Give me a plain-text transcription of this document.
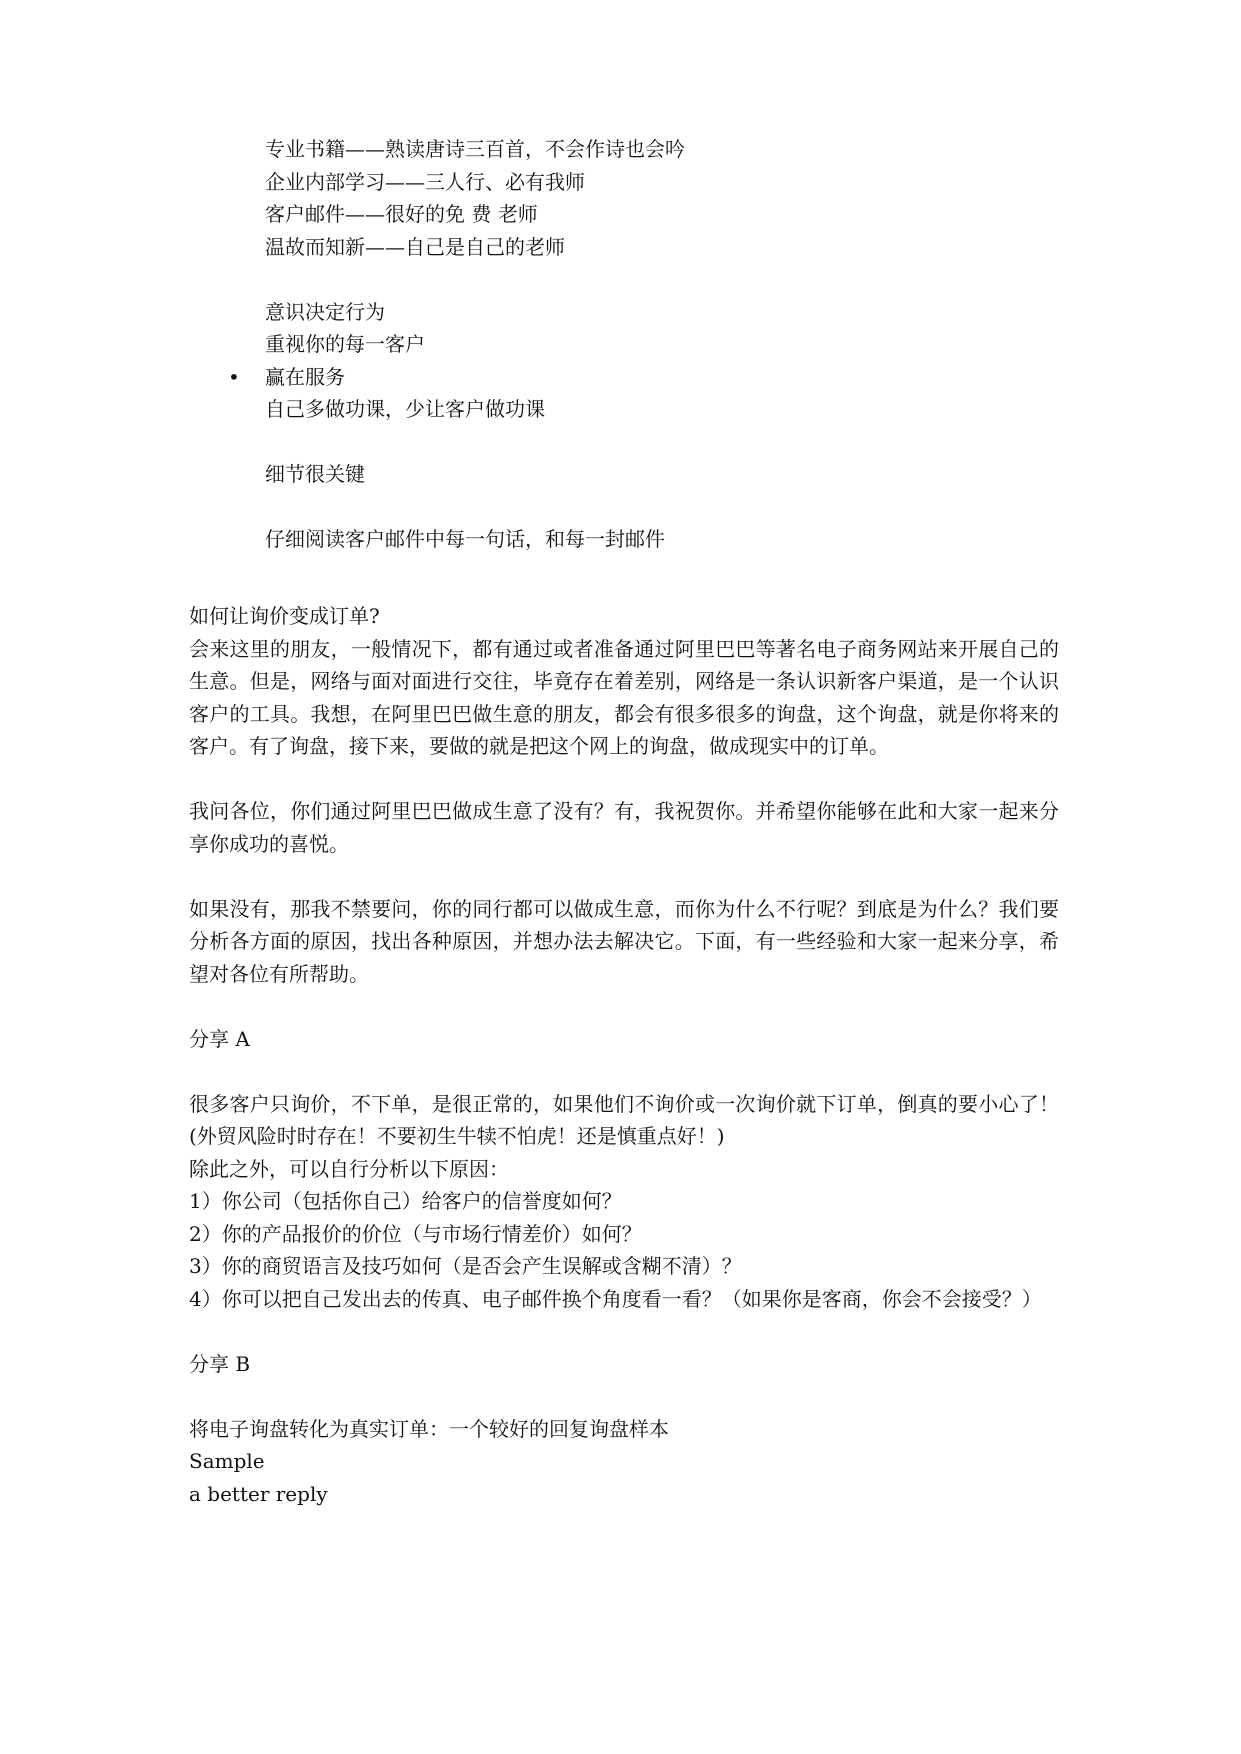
专业书籍——熟读唐诗三百首，不会作诗也会吟
企业内部学习——三人行、必有我师
客户邮件——很好的免 费 老师
温故而知新——自己是自己的老师
意识决定行为
重视你的每一客户
赢在服务
自己多做功课，少让客户做功课
细节很关键
仔细阅读客户邮件中每一句话，和每一封邮件
•

如何让询价变成订单?

会来这里的朋友，一般情况下，都有通过或者准备通过阿里巴巴等著名电子商务网站来开展自己的生意。但是，网络与面对面进行交往，毕竟存在着差别，网络是一条认识新客户渠道，是一个认识客户的工具。我想，在阿里巴巴做生意的朋友，都会有很多很多的询盘，这个询盘，就是你将来的客户。有了询盘，接下来，要做的就是把这个网上的询盘，做成现实中的订单。

我问各位，你们通过阿里巴巴做成生意了没有？有，我祝贺你。并希望你能够在此和大家一起来分享你成功的喜悦。

如果没有，那我不禁要问，你的同行都可以做成生意，而你为什么不行呢？到底是为什么？我们要分析各方面的原因，找出各种原因，并想办法去解决它。下面，有一些经验和大家一起来分享，希望对各位有所帮助。

分享 A

很多客户只询价，不下单，是很正常的，如果他们不询价或一次询价就下订单，倒真的要小心了！(外贸风险时时存在！不要初生牛犊不怕虎！还是慎重点好！)

除此之外，可以自行分析以下原因：

1）你公司（包括你自己）给客户的信誉度如何？

2）你的产品报价的价位（与市场行情差价）如何？

3）你的商贸语言及技巧如何（是否会产生误解或含糊不清）？

4）你可以把自己发出去的传真、电子邮件换个角度看一看？（如果你是客商，你会不会接受？）

分享 B

将电子询盘转化为真实订单：一个较好的回复询盘样本

Sample

a better reply
